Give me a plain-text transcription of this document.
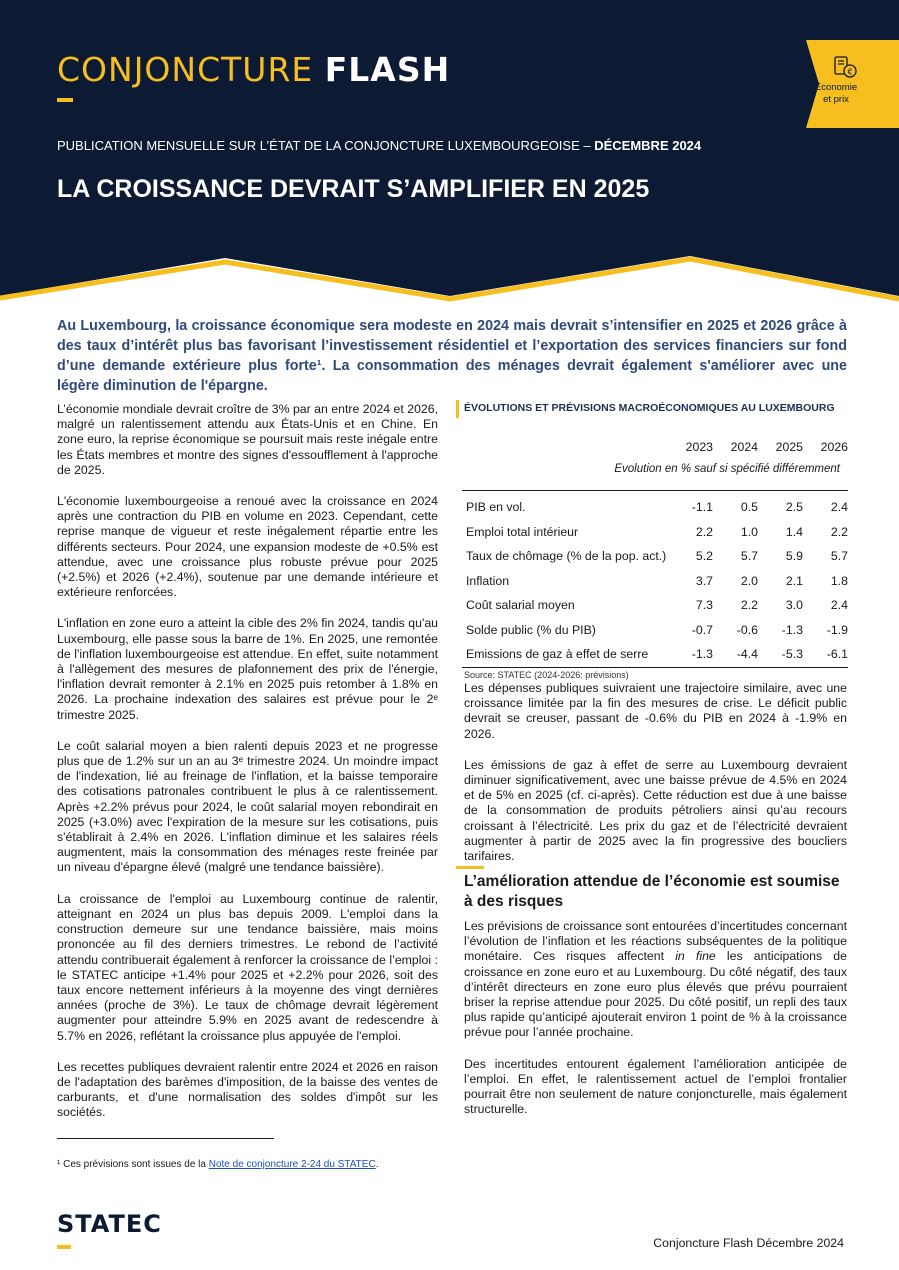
CONJONCTURE FLASH	€
Économie
et prix
PUBLICATION MENSUELLE SUR L’ÉTAT DE LA CONJONCTURE LUXEMBOURGEOISE – DÉCEMBRE 2024
LA CROISSANCE DEVRAIT S’AMPLIFIER EN 2025
Au Luxembourg, la croissance économique sera modeste en 2024 mais devrait s’intensifier en 2025 et 2026 grâce à des taux d’intérêt plus bas favorisant l’investissement résidentiel et l’exportation des services financiers sur fond d’une demande extérieure plus forte¹. La consommation des ménages devrait également s'améliorer avec une légère diminution de l'épargne.

L’économie mondiale devrait croître de 3% par an entre 2024 et 2026, malgré un ralentissement attendu aux États-Unis et en Chine. En zone euro, la reprise économique se poursuit mais reste inégale entre les États membres et montre des signes d'essoufflement à l'approche de 2025.

L'économie luxembourgeoise a renoué avec la croissance en 2024 après une contraction du PIB en volume en 2023. Cependant, cette reprise manque de vigueur et reste inégalement répartie entre les différents secteurs. Pour 2024, une expansion modeste de +0.5% est attendue, avec une croissance plus robuste prévue pour 2025 (+2.5%) et 2026 (+2.4%), soutenue par une demande intérieure et extérieure renforcées.

L'inflation en zone euro a atteint la cible des 2% fin 2024, tandis qu'au Luxembourg, elle passe sous la barre de 1%. En 2025, une remontée de l'inflation luxembourgeoise est attendue. En effet, suite notamment à l'allègement des mesures de plafonnement des prix de l'énergie, l'inflation devrait remonter à 2.1% en 2025 puis retomber à 1.8% en 2026. La prochaine indexation des salaires est prévue pour le 2ᵉ trimestre 2025.

Le coût salarial moyen a bien ralenti depuis 2023 et ne progresse plus que de 1.2% sur un an au 3ᵉ trimestre 2024. Un moindre impact de l'indexation, lié au freinage de l'inflation, et la baisse temporaire des cotisations patronales contribuent le plus à ce ralentissement. Après +2.2% prévus pour 2024, le coût salarial moyen rebondirait en 2025 (+3.0%) avec l'expiration de la mesure sur les cotisations, puis s'établirait à 2.4% en 2026. L'inflation diminue et les salaires réels augmentent, mais la consommation des ménages reste freinée par un niveau d'épargne élevé (malgré une tendance baissière).

La croissance de l'emploi au Luxembourg continue de ralentir, atteignant en 2024 un plus bas depuis 2009. L'emploi dans la construction demeure sur une tendance baissière, mais moins prononcée au fil des derniers trimestres. Le rebond de l’activité attendu contribuerait également à renforcer la croissance de l’emploi : le STATEC anticipe +1.4% pour 2025 et +2.2% pour 2026, soit des taux encore nettement inférieurs à la moyenne des vingt dernières années (proche de 3%). Le taux de chômage devrait légèrement augmenter pour atteindre 5.9% en 2025 avant de redescendre à 5.7% en 2026, reflétant la croissance plus appuyée de l'emploi.

Les recettes publiques devraient ralentir entre 2024 et 2026 en raison de l'adaptation des barèmes d'imposition, de la baisse des ventes de carburants, et d'une normalisation des soldes d'impôt sur les sociétés.

ÉVOLUTIONS ET PRÉVISIONS MACROÉCONOMIQUES AU LUXEMBOURG
2023	2024	2025	2026
Evolution en % sauf si spécifié différemment
PIB en vol.	-1.1	0.5	2.5	2.4
Emploi total intérieur	2.2	1.0	1.4	2.2
Taux de chômage (% de la pop. act.)	5.2	5.7	5.9	5.7
Inflation	3.7	2.0	2.1	1.8
Coût salarial moyen	7.3	2.2	3.0	2.4
Solde public (% du PIB)	-0.7	-0.6	-1.3	-1.9
Emissions de gaz à effet de serre	-1.3	-4.4	-5.3	-6.1
Source: STATEC (2024-2026: prévisions)

Les dépenses publiques suivraient une trajectoire similaire, avec une croissance limitée par la fin des mesures de crise. Le déficit public devrait se creuser, passant de -0.6% du PIB en 2024 à -1.9% en 2026.

Les émissions de gaz à effet de serre au Luxembourg devraient diminuer significativement, avec une baisse prévue de 4.5% en 2024 et de 5% en 2025 (cf. ci-après). Cette réduction est due à une baisse de la consommation de produits pétroliers ainsi qu’au recours croissant à l’électricité. Les prix du gaz et de l’électricité devraient augmenter à partir de 2025 avec la fin progressive des boucliers tarifaires.

L’amélioration attendue de l’économie est soumise à des risques

Les prévisions de croissance sont entourées d’incertitudes concernant l’évolution de l’inflation et les réactions subséquentes de la politique monétaire. Ces risques affectent in fine les anticipations de croissance en zone euro et au Luxembourg. Du côté négatif, des taux d’intérêt directeurs en zone euro plus élevés que prévu pourraient briser la reprise attendue pour 2025. Du côté positif, un repli des taux plus rapide qu’anticipé ajouterait environ 1 point de % à la croissance prévue pour l’année prochaine.

Des incertitudes entourent également l’amélioration anticipée de l’emploi. En effet, le ralentissement actuel de l’emploi frontalier pourrait être non seulement de nature conjoncturelle, mais également structurelle.

¹ Ces prévisions sont issues de la Note de conjoncture 2-24 du STATEC.
STATEC
Conjoncture Flash Décembre 2024
